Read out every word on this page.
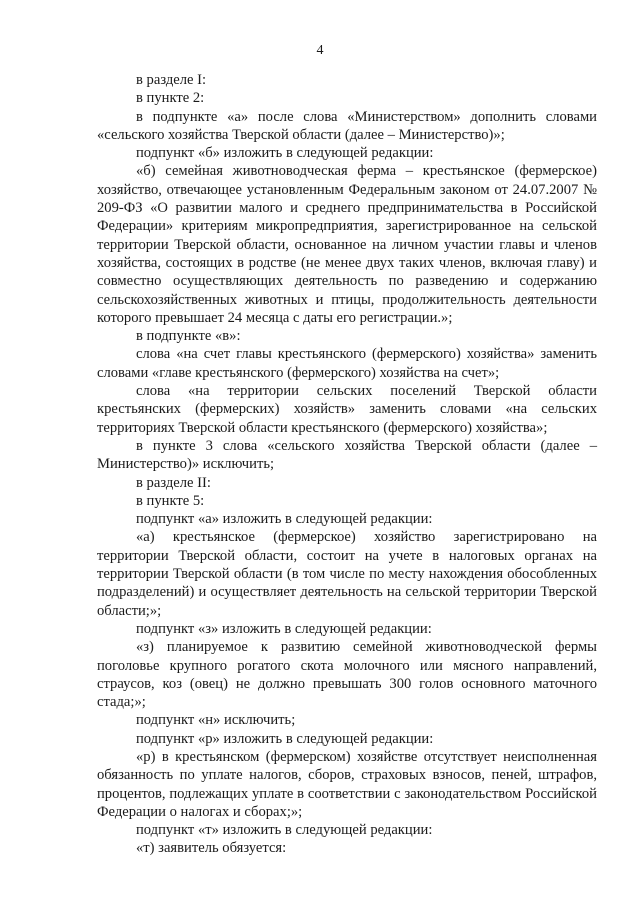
4

в разделе I:

в пункте 2:

в подпункте «а» после слова «Министерством» дополнить словами «сельского хозяйства Тверской области (далее – Министерство)»;

подпункт «б» изложить в следующей редакции:

«б) семейная животноводческая ферма – крестьянское (фермерское) хозяйство, отвечающее установленным Федеральным законом от 24.07.2007 № 209-ФЗ «О развитии малого и среднего предпринимательства в Российской Федерации» критериям микропредприятия, зарегистрированное на сельской территории Тверской области, основанное на личном участии главы и членов хозяйства, состоящих в родстве (не менее двух таких членов, включая главу) и совместно осуществляющих деятельность по разведению и содержанию сельскохозяйственных животных и птицы, продолжительность деятельности которого превышает 24 месяца с даты его регистрации.»;

в подпункте «в»:

слова «на счет главы крестьянского (фермерского) хозяйства» заменить словами «главе крестьянского (фермерского) хозяйства на счет»;

слова «на территории сельских поселений Тверской области крестьянских (фермерских) хозяйств» заменить словами «на сельских территориях Тверской области крестьянского (фермерского) хозяйства»;

в пункте 3 слова «сельского хозяйства Тверской области (далее – Министерство)» исключить;

в разделе II:

в пункте 5:

подпункт «а» изложить в следующей редакции:

«а) крестьянское (фермерское) хозяйство зарегистрировано на территории Тверской области, состоит на учете в налоговых органах на территории Тверской области (в том числе по месту нахождения обособленных подразделений) и осуществляет деятельность на сельской территории Тверской области;»;

подпункт «з» изложить в следующей редакции:

«з) планируемое к развитию семейной животноводческой фермы поголовье крупного рогатого скота молочного или мясного направлений, страусов, коз (овец) не должно превышать 300 голов основного маточного стада;»;

подпункт «н» исключить;

подпункт «р» изложить в следующей редакции:

«р) в крестьянском (фермерском) хозяйстве отсутствует неисполненная обязанность по уплате налогов, сборов, страховых взносов, пеней, штрафов, процентов, подлежащих уплате в соответствии с законодательством Российской Федерации о налогах и сборах;»;

подпункт «т» изложить в следующей редакции:

«т) заявитель обязуется:
